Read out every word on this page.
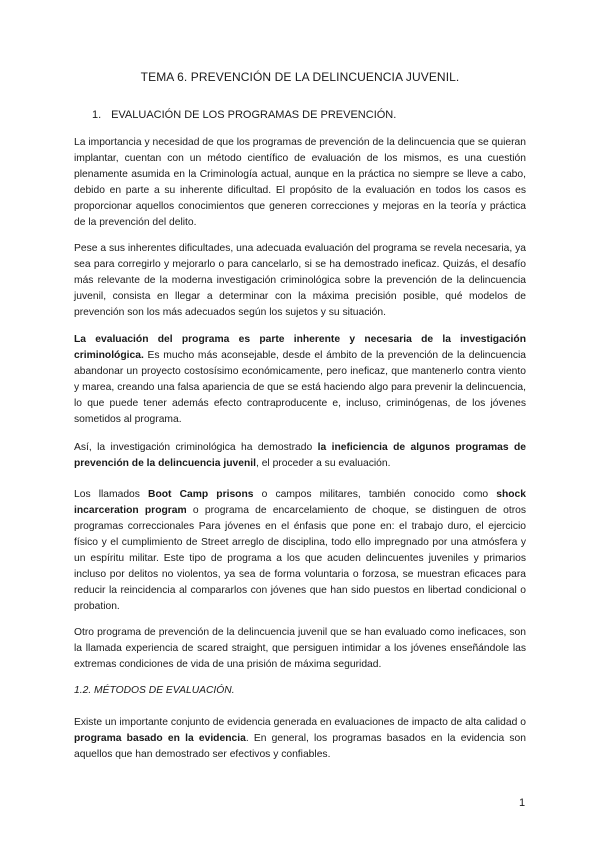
TEMA 6. PREVENCIÓN DE LA DELINCUENCIA JUVENIL.
1. EVALUACIÓN DE LOS PROGRAMAS DE PREVENCIÓN.

La importancia y necesidad de que los programas de prevención de la delincuencia que se quieran implantar, cuentan con un método científico de evaluación de los mismos, es una cuestión plenamente asumida en la Criminología actual, aunque en la práctica no siempre se lleve a cabo, debido en parte a su inherente dificultad. El propósito de la evaluación en todos los casos es proporcionar aquellos conocimientos que generen correcciones y mejoras en la teoría y práctica de la prevención del delito.

Pese a sus inherentes dificultades, una adecuada evaluación del programa se revela necesaria, ya sea para corregirlo y mejorarlo o para cancelarlo, si se ha demostrado ineficaz. Quizás, el desafío más relevante de la moderna investigación criminológica sobre la prevención de la delincuencia juvenil, consista en llegar a determinar con la máxima precisión posible, qué modelos de prevención son los más adecuados según los sujetos y su situación.

La evaluación del programa es parte inherente y necesaria de la investigación criminológica. Es mucho más aconsejable, desde el ámbito de la prevención de la delincuencia abandonar un proyecto costosísimo económicamente, pero ineficaz, que mantenerlo contra viento y marea, creando una falsa apariencia de que se está haciendo algo para prevenir la delincuencia, lo que puede tener además efecto contraproducente e, incluso, criminógenas, de los jóvenes sometidos al programa.

Así, la investigación criminológica ha demostrado la ineficiencia de algunos programas de prevención de la delincuencia juvenil, el proceder a su evaluación.

Los llamados Boot Camp prisons o campos militares, también conocido como shock incarceration program o programa de encarcelamiento de choque, se distinguen de otros programas correccionales Para jóvenes en el énfasis que pone en: el trabajo duro, el ejercicio físico y el cumplimiento de Street arreglo de disciplina, todo ello impregnado por una atmósfera y un espíritu militar. Este tipo de programa a los que acuden delincuentes juveniles y primarios incluso por delitos no violentos, ya sea de forma voluntaria o forzosa, se muestran eficaces para reducir la reincidencia al compararlos con jóvenes que han sido puestos en libertad condicional o probation.

Otro programa de prevención de la delincuencia juvenil que se han evaluado como ineficaces, son la llamada experiencia de scared straight, que persiguen intimidar a los jóvenes enseñándole las extremas condiciones de vida de una prisión de máxima seguridad.

1.2. MÉTODOS DE EVALUACIÓN.

Existe un importante conjunto de evidencia generada en evaluaciones de impacto de alta calidad o programa basado en la evidencia. En general, los programas basados en la evidencia son aquellos que han demostrado ser efectivos y confiables.

1
